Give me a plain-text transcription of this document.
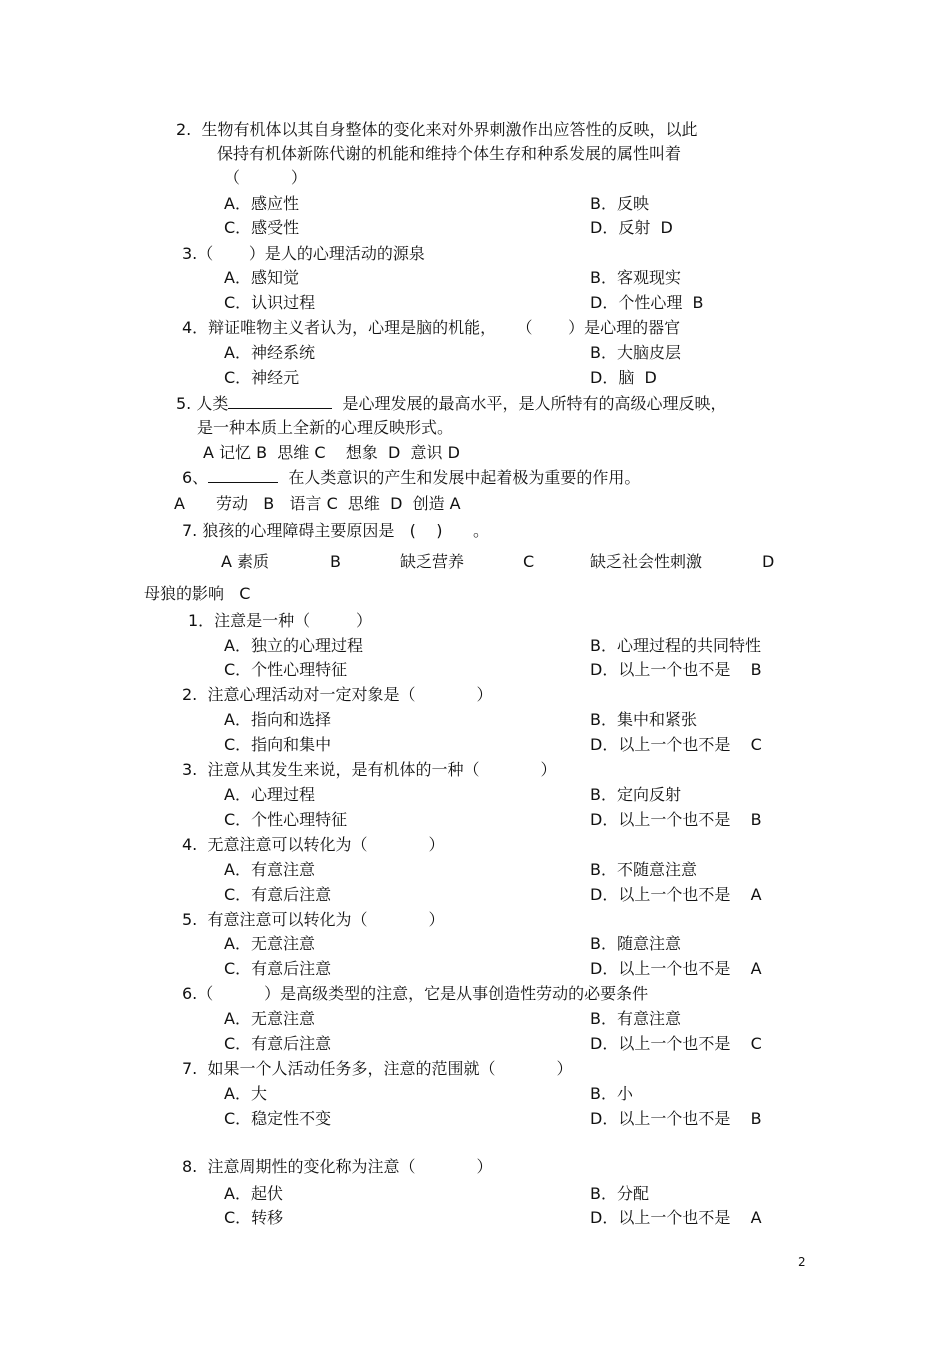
2.  生物有机体以其自身整体的变化来对外界刺激作出应答性的反映，以此
保持有机体新陈代谢的机能和维持个体生存和种系发展的属性叫着
（          ）
A．感应性	B．反映
C．感受性	D．反射  D
3.（       ）是人的心理活动的源泉
A．感知觉	B．客观现实
C．认识过程	D．个性心理  B
4．辩证唯物主义者认为，心理是脑的机能，    （       ）是心理的器官
A．神经系统	B．大脑皮层
C．神经元	D．脑  D
5. 人类	是心理发展的最高水平，是人所特有的高级心理反映，
是一种本质上全新的心理反映形式。
A 记忆 B  思维 C    想象  D  意识 D
6、	在人类意识的产生和发展中起着极为重要的作用。
A 劳动   B   语言 C  思维  D  创造 A
7. 狼孩的心理障碍主要原因是   (    )      。
A 素质	B	缺乏营养	C	缺乏社会性刺激	D
母狼的影响   C
1．注意是一种（         ）
A．独立的心理过程	B．心理过程的共同特性
C．个性心理特征	D．以上一个也不是    B
2.  注意心理活动对一定对象是（            ）
A．指向和选择	B．集中和紧张
C．指向和集中	D．以上一个也不是    C
3.  注意从其发生来说，是有机体的一种（            ）
A．心理过程	B．定向反射
C．个性心理特征	D．以上一个也不是    B
4.  无意注意可以转化为（            ）
A．有意注意	B．不随意注意
C．有意后注意	D．以上一个也不是    A
5.  有意注意可以转化为（            ）
A．无意注意	B．随意注意
C．有意后注意	D．以上一个也不是    A
6.（          ）是高级类型的注意，它是从事创造性劳动的必要条件
A．无意注意	B．有意注意
C．有意后注意	D．以上一个也不是    C
7.  如果一个人活动任务多，注意的范围就（            ）
A．大	B．小
C．稳定性不变	D．以上一个也不是    B
8.  注意周期性的变化称为注意（            ）
A．起伏	B．分配
C．转移	D．以上一个也不是    A
2
